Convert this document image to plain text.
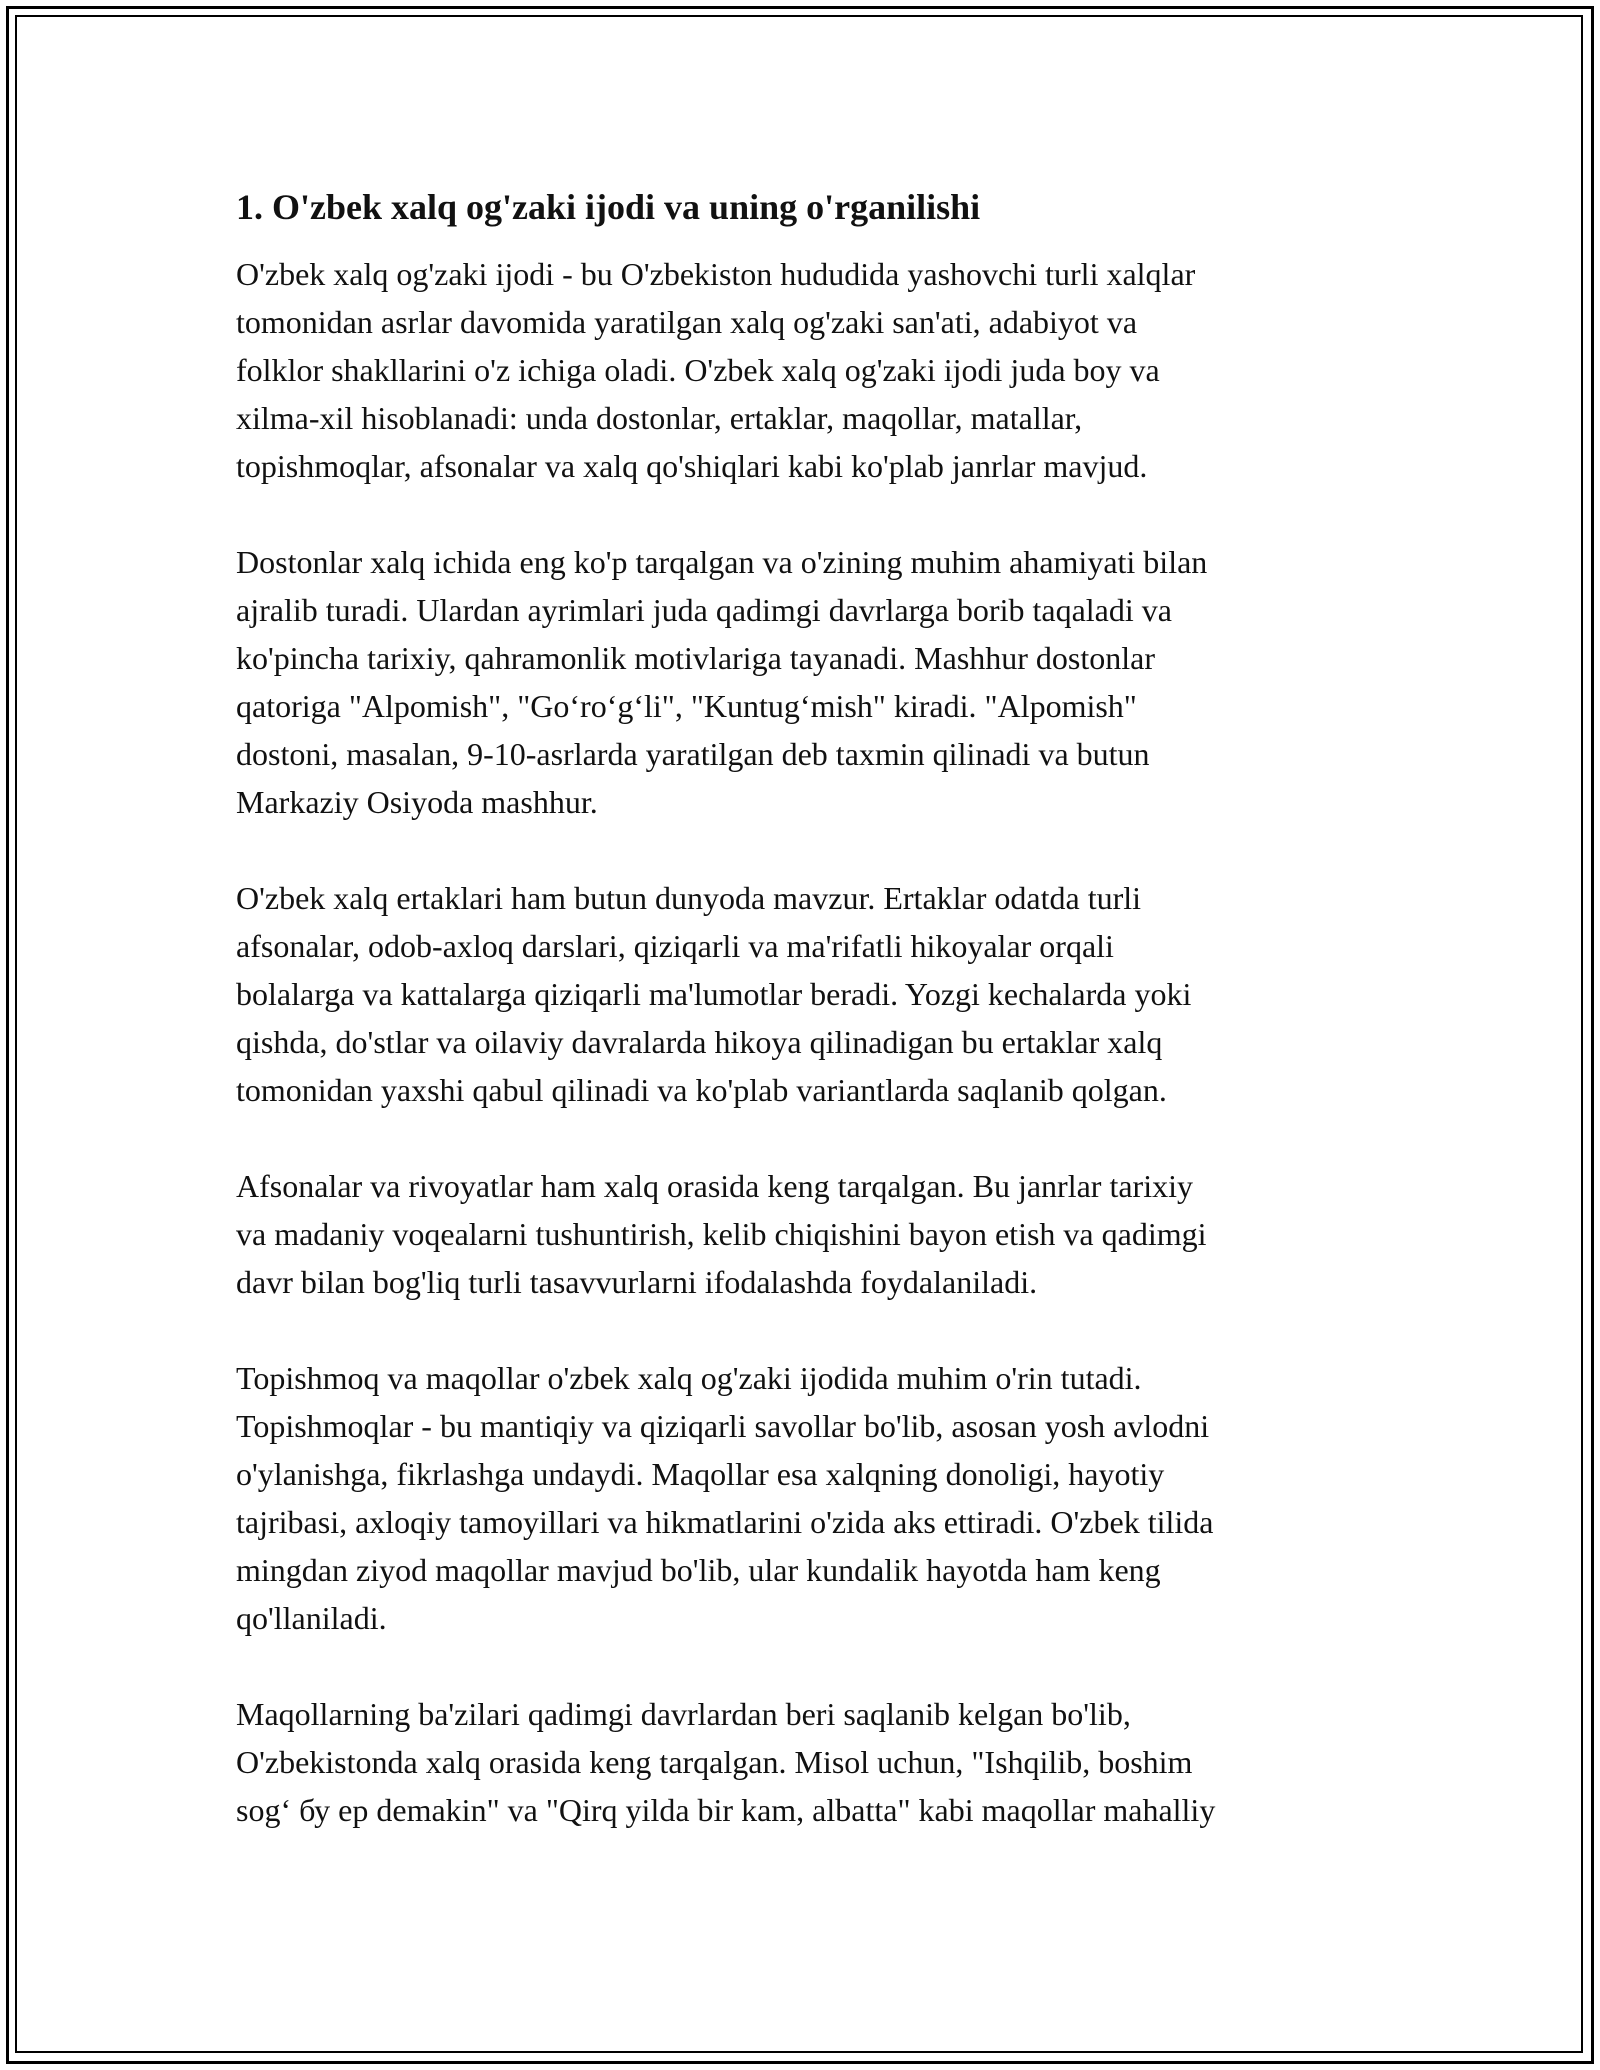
1. O'zbek xalq og'zaki ijodi va uning o'rganilishi

O'zbek xalq og'zaki ijodi - bu O'zbekiston hududida yashovchi turli xalqlar
tomonidan asrlar davomida yaratilgan xalq og'zaki san'ati, adabiyot va
folklor shakllarini o'z ichiga oladi. O'zbek xalq og'zaki ijodi juda boy va
xilma-xil hisoblanadi: unda dostonlar, ertaklar, maqollar, matallar,
topishmoqlar, afsonalar va xalq qo'shiqlari kabi ko'plab janrlar mavjud.

Dostonlar xalq ichida eng ko'p tarqalgan va o'zining muhim ahamiyati bilan
ajralib turadi. Ulardan ayrimlari juda qadimgi davrlarga borib taqaladi va
ko'pincha tarixiy, qahramonlik motivlariga tayanadi. Mashhur dostonlar
qatoriga "Alpomish", "Go‘ro‘g‘li", "Kuntug‘mish" kiradi. "Alpomish"
dostoni, masalan, 9-10-asrlarda yaratilgan deb taxmin qilinadi va butun
Markaziy Osiyoda mashhur.

O'zbek xalq ertaklari ham butun dunyoda mavzur. Ertaklar odatda turli
afsonalar, odob-axloq darslari, qiziqarli va ma'rifatli hikoyalar orqali
bolalarga va kattalarga qiziqarli ma'lumotlar beradi. Yozgi kechalarda yoki
qishda, do'stlar va oilaviy davralarda hikoya qilinadigan bu ertaklar xalq
tomonidan yaxshi qabul qilinadi va ko'plab variantlarda saqlanib qolgan.

Afsonalar va rivoyatlar ham xalq orasida keng tarqalgan. Bu janrlar tarixiy
va madaniy voqealarni tushuntirish, kelib chiqishini bayon etish va qadimgi
davr bilan bog'liq turli tasavvurlarni ifodalashda foydalaniladi.

Topishmoq va maqollar o'zbek xalq og'zaki ijodida muhim o'rin tutadi.
Topishmoqlar - bu mantiqiy va qiziqarli savollar bo'lib, asosan yosh avlodni
o'ylanishga, fikrlashga undaydi. Maqollar esa xalqning donoligi, hayotiy
tajribasi, axloqiy tamoyillari va hikmatlarini o'zida aks ettiradi. O'zbek tilida
mingdan ziyod maqollar mavjud bo'lib, ular kundalik hayotda ham keng
qo'llaniladi.

Maqollarning ba'zilari qadimgi davrlardan beri saqlanib kelgan bo'lib,
O'zbekistonda xalq orasida keng tarqalgan. Misol uchun, "Ishqilib, boshim
sog‘ бу ер demakin" va "Qirq yilda bir kam, albatta" kabi maqollar mahalliy
